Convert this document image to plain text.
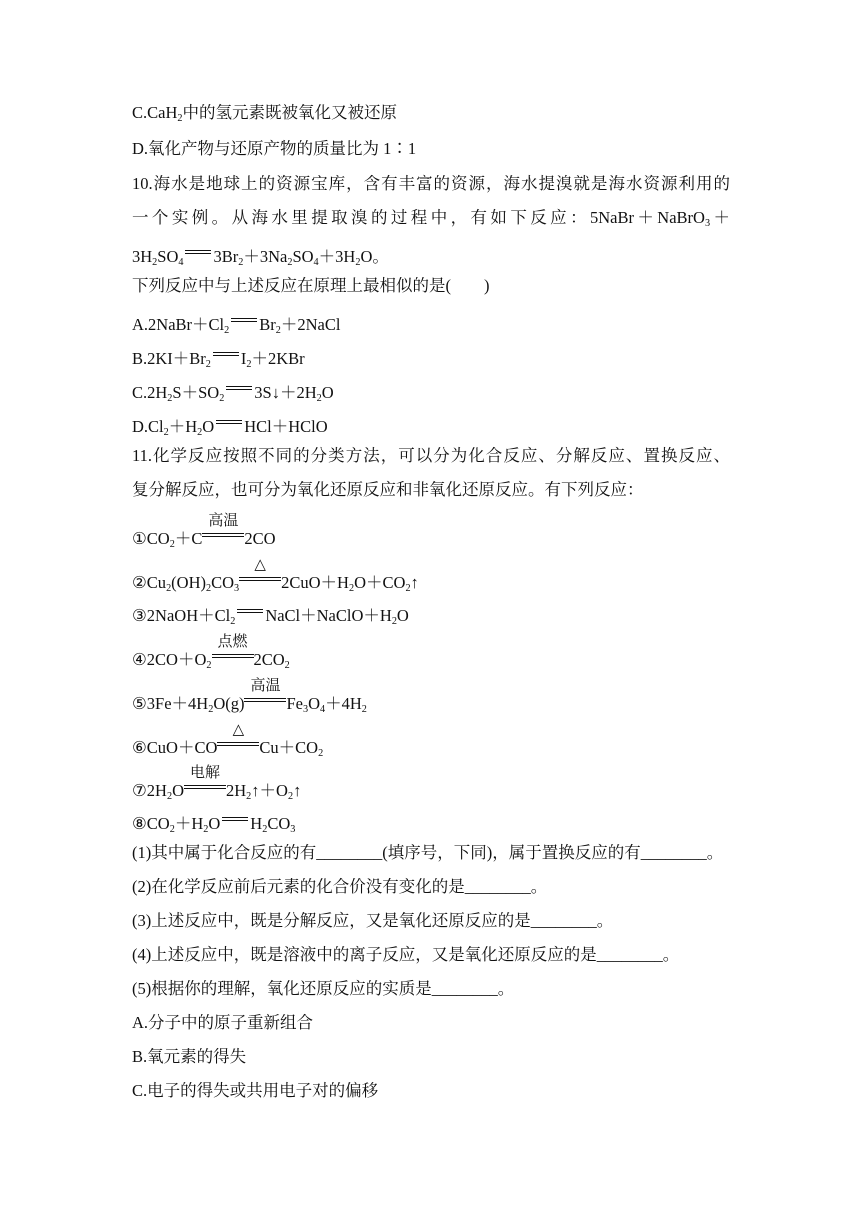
C.CaH$_2$中的氢元素既被氧化又被还原
D.氧化产物与还原产物的质量比为 1∶1
10.海水是地球上的资源宝库，含有丰富的资源，海水提溴就是海水资源利用的
一个实例。从海水里提取溴的过程中，有如下反应：5NaBr＋NaBrO$_3$＋
$3H_2SO_4$ $3Br_2+3Na_2SO_4+3H_2O$。
下列反应中与上述反应在原理上最相似的是(　　)
$A.2NaBr+Cl_2$ $Br_2+2NaCl$
$B.2KI+Br_2$ $I_2+2KBr$
$C.2H_2S+SO_2$ $3S↓+2H_2O$
$D.Cl_2+H_2O$ HCl＋HClO
11.化学反应按照不同的分类方法，可以分为化合反应、分解反应、置换反应、
复分解反应，也可分为氧化还原反应和非氧化还原反应。有下列反应：
$①CO_2+C$
高温
2CO
$②Cu_2(OH)_2CO_3$
△
$2CuO+H_2O+CO_2↑$
$③2NaOH+Cl_2$ $NaCl+NaClO+H_2O$
$④2CO+O_2$
点燃
$2CO_2$
$⑤3Fe+4H_2O(g)$
高温
$Fe_3O_4+4H_2$
⑥CuO＋CO
△
$Cu+CO_2$
$⑦2H_2O$
电解
$2H_2↑+O_2↑$
$⑧CO_2+H_2O$ $H_2CO_3$
(1)其中属于化合反应的有________(填序号，下同)，属于置换反应的有________。
(2)在化学反应前后元素的化合价没有变化的是________。
(3)上述反应中，既是分解反应，又是氧化还原反应的是________。
(4)上述反应中，既是溶液中的离子反应，又是氧化还原反应的是________。
(5)根据你的理解，氧化还原反应的实质是________。
A.分子中的原子重新组合
B.氧元素的得失
C.电子的得失或共用电子对的偏移
